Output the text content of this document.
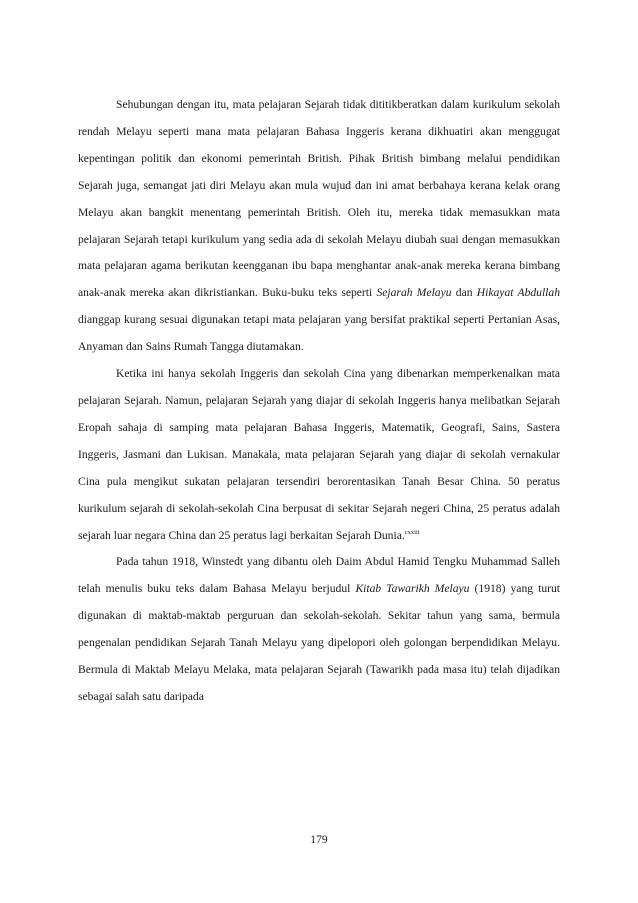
Sehubungan dengan itu, mata pelajaran Sejarah tidak dititikberatkan dalam kurikulum sekolah rendah Melayu seperti mana mata pelajaran Bahasa Inggeris kerana dikhuatiri akan menggugat kepentingan politik dan ekonomi pemerintah British. Pihak British bimbang melalui pendidikan Sejarah juga, semangat jati diri Melayu akan mula wujud dan ini amat berbahaya kerana kelak orang Melayu akan bangkit menentang pemerintah British. Oleh itu, mereka tidak memasukkan mata pelajaran Sejarah tetapi kurikulum yang sedia ada di sekolah Melayu diubah suai dengan memasukkan mata pelajaran agama berikutan keengganan ibu bapa menghantar anak-anak mereka kerana bimbang anak-anak mereka akan dikristiankan. Buku-buku teks seperti Sejarah Melayu dan Hikayat Abdullah dianggap kurang sesuai digunakan tetapi mata pelajaran yang bersifat praktikal seperti Pertanian Asas, Anyaman dan Sains Rumah Tangga diutamakan.

Ketika ini hanya sekolah Inggeris dan sekolah Cina yang dibenarkan memperkenalkan mata pelajaran Sejarah. Namun, pelajaran Sejarah yang diajar di sekolah Inggeris hanya melibatkan Sejarah Eropah sahaja di samping mata pelajaran Bahasa Inggeris, Matematik, Geografi, Sains, Sastera Inggeris, Jasmani dan Lukisan. Manakala, mata pelajaran Sejarah yang diajar di sekolah vernakular Cina pula mengikut sukatan pelajaran tersendiri berorentasikan Tanah Besar China. 50 peratus kurikulum sejarah di sekolah-sekolah Cina berpusat di sekitar Sejarah negeri China, 25 peratus adalah sejarah luar negara China dan 25 peratus lagi berkaitan Sejarah Dunia.$^{cxxiii}$

Pada tahun 1918, Winstedt yang dibantu oleh Daim Abdul Hamid Tengku Muhammad Salleh telah menulis buku teks dalam Bahasa Melayu berjudul Kitab Tawarikh Melayu (1918) yang turut digunakan di maktab-maktab perguruan dan sekolah-sekolah. Sekitar tahun yang sama, bermula pengenalan pendidikan Sejarah Tanah Melayu yang dipelopori oleh golongan berpendidikan Melayu. Bermula di Maktab Melayu Melaka, mata pelajaran Sejarah (Tawarikh pada masa itu) telah dijadikan sebagai salah satu daripada

179
